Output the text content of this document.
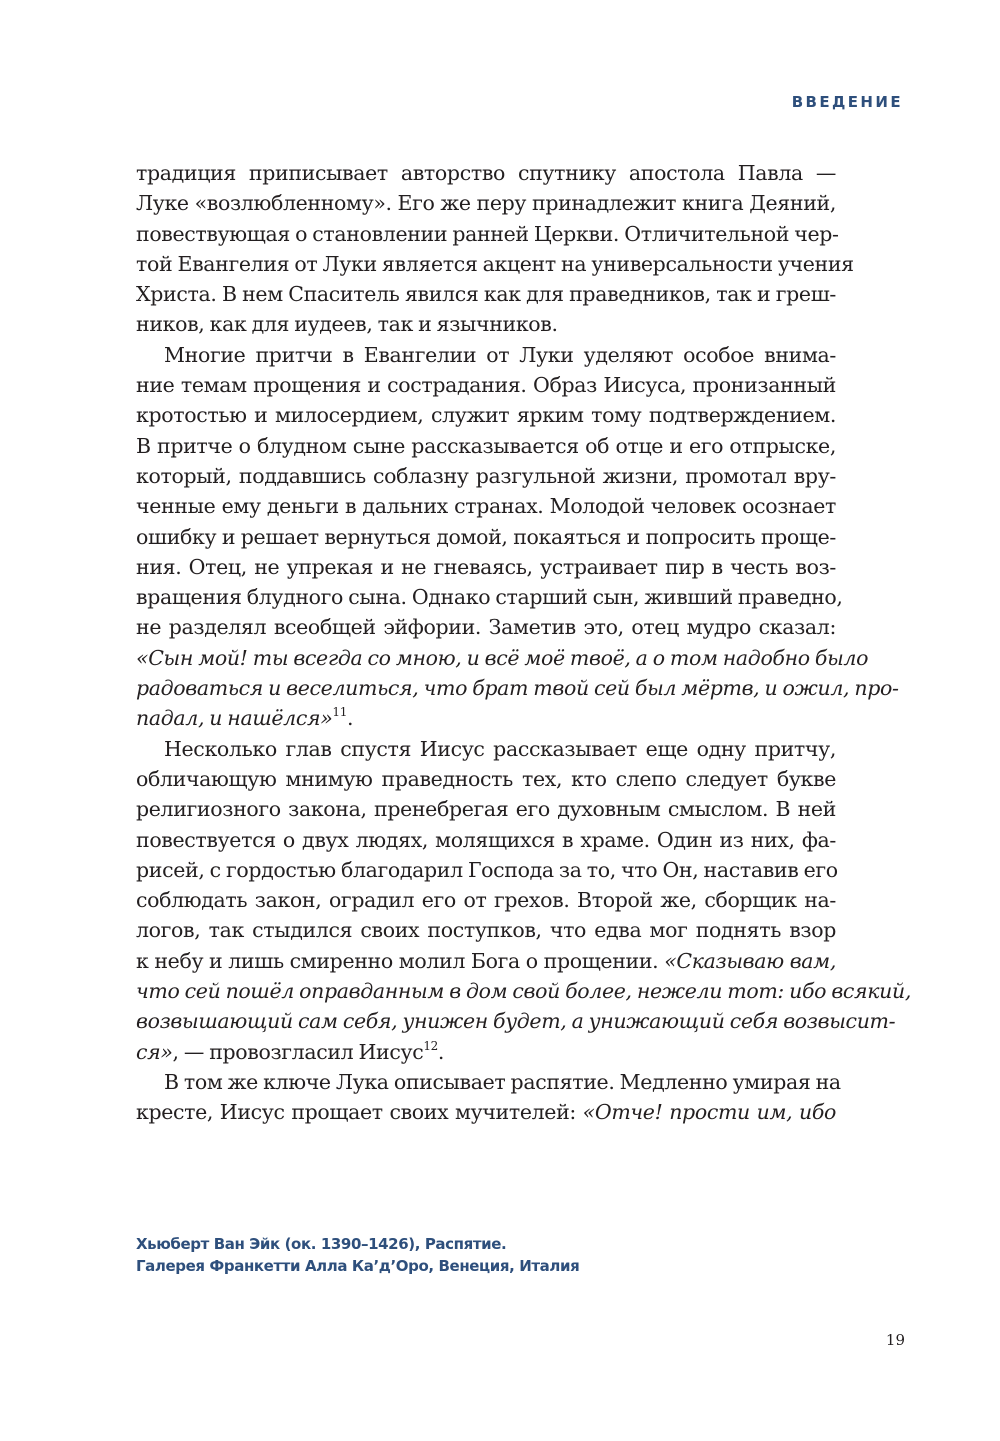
ВВЕДЕНИЕ
традиция приписывает авторство спутнику апостола Павла —
Луке «возлюбленному». Его же перу принадлежит книга Деяний,
повествующая о становлении ранней Церкви. Отличительной чер-
той Евангелия от Луки является акцент на универсальности учения
Христа. В нем Спаситель явился как для праведников, так и греш-
ников, как для иудеев, так и язычников.
Многие притчи в Евангелии от Луки уделяют особое внима-
ние темам прощения и сострадания. Образ Иисуса, пронизанный
кротостью и милосердием, служит ярким тому подтверждением.
В притче о блудном сыне рассказывается об отце и его отпрыске,
который, поддавшись соблазну разгульной жизни, промотал вру-
ченные ему деньги в дальних странах. Молодой человек осознает
ошибку и решает вернуться домой, покаяться и попросить проще-
ния. Отец, не упрекая и не гневаясь, устраивает пир в честь воз-
вращения блудного сына. Однако старший сын, живший праведно,
не разделял всеобщей эйфории. Заметив это, отец мудро сказал:
«Сын мой! ты всегда со мною, и всё моё твоё, а о том надобно было
радоваться и веселиться, что брат твой сей был мёртв, и ожил, про-
падал, и нашёлся»$^{11}$.
Несколько глав спустя Иисус рассказывает еще одну притчу,
обличающую мнимую праведность тех, кто слепо следует букве
религиозного закона, пренебрегая его духовным смыслом. В ней
повествуется о двух людях, молящихся в храме. Один из них, фа-
рисей, с гордостью благодарил Господа за то, что Он, наставив его
соблюдать закон, оградил его от грехов. Второй же, сборщик на-
логов, так стыдился своих поступков, что едва мог поднять взор
к небу и лишь смиренно молил Бога о прощении. «Сказываю вам,
что сей пошёл оправданным в дом свой более, нежели тот: ибо всякий,
возвышающий сам себя, унижен будет, а унижающий себя возвысит-
ся», — провозгласил Иисус$^{12}$.
В том же ключе Лука описывает распятие. Медленно умирая на
кресте, Иисус прощает своих мучителей: «Отче! прости им, ибо
Хьюберт Ван Эйк (ок. 1390–1426), Распятие.
Галерея Франкетти Алла Ка’д’Оро, Венеция, Италия
19
